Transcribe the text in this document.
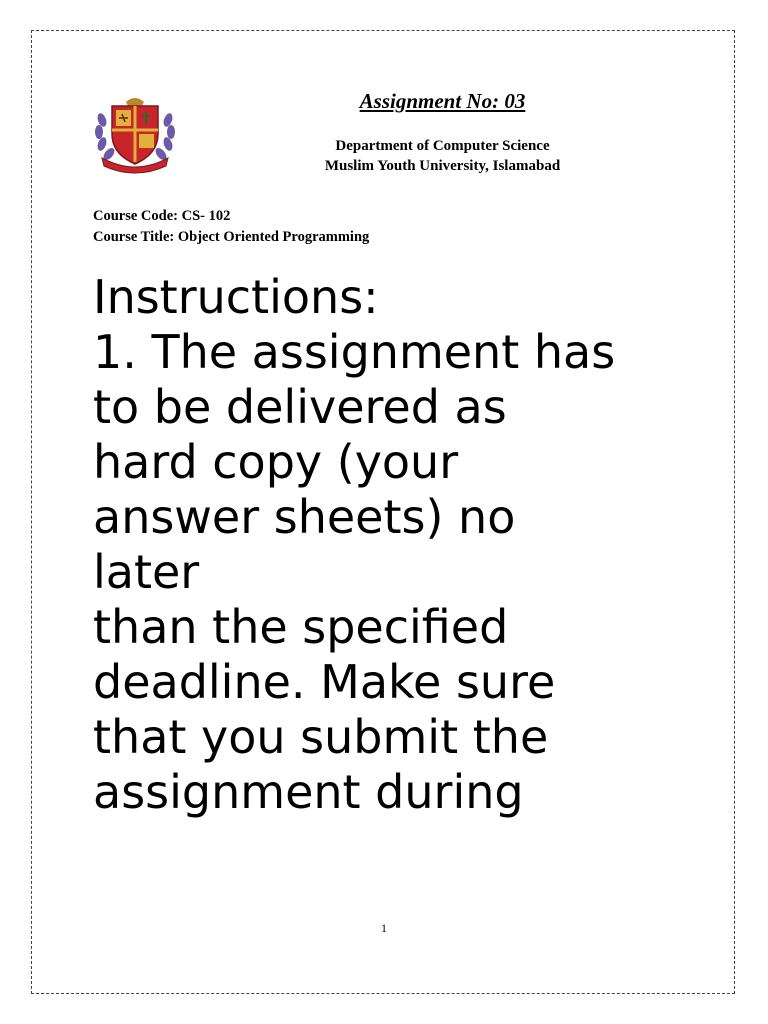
Assignment No: 03
Department of Computer Science
Muslim Youth University, Islamabad
Course Code: CS- 102
Course Title: Object Oriented Programming
Instructions:
1. The assignment has
to be delivered as
hard copy (your
answer sheets) no
later
than the specified
deadline. Make sure
that you submit the
assignment during
1
